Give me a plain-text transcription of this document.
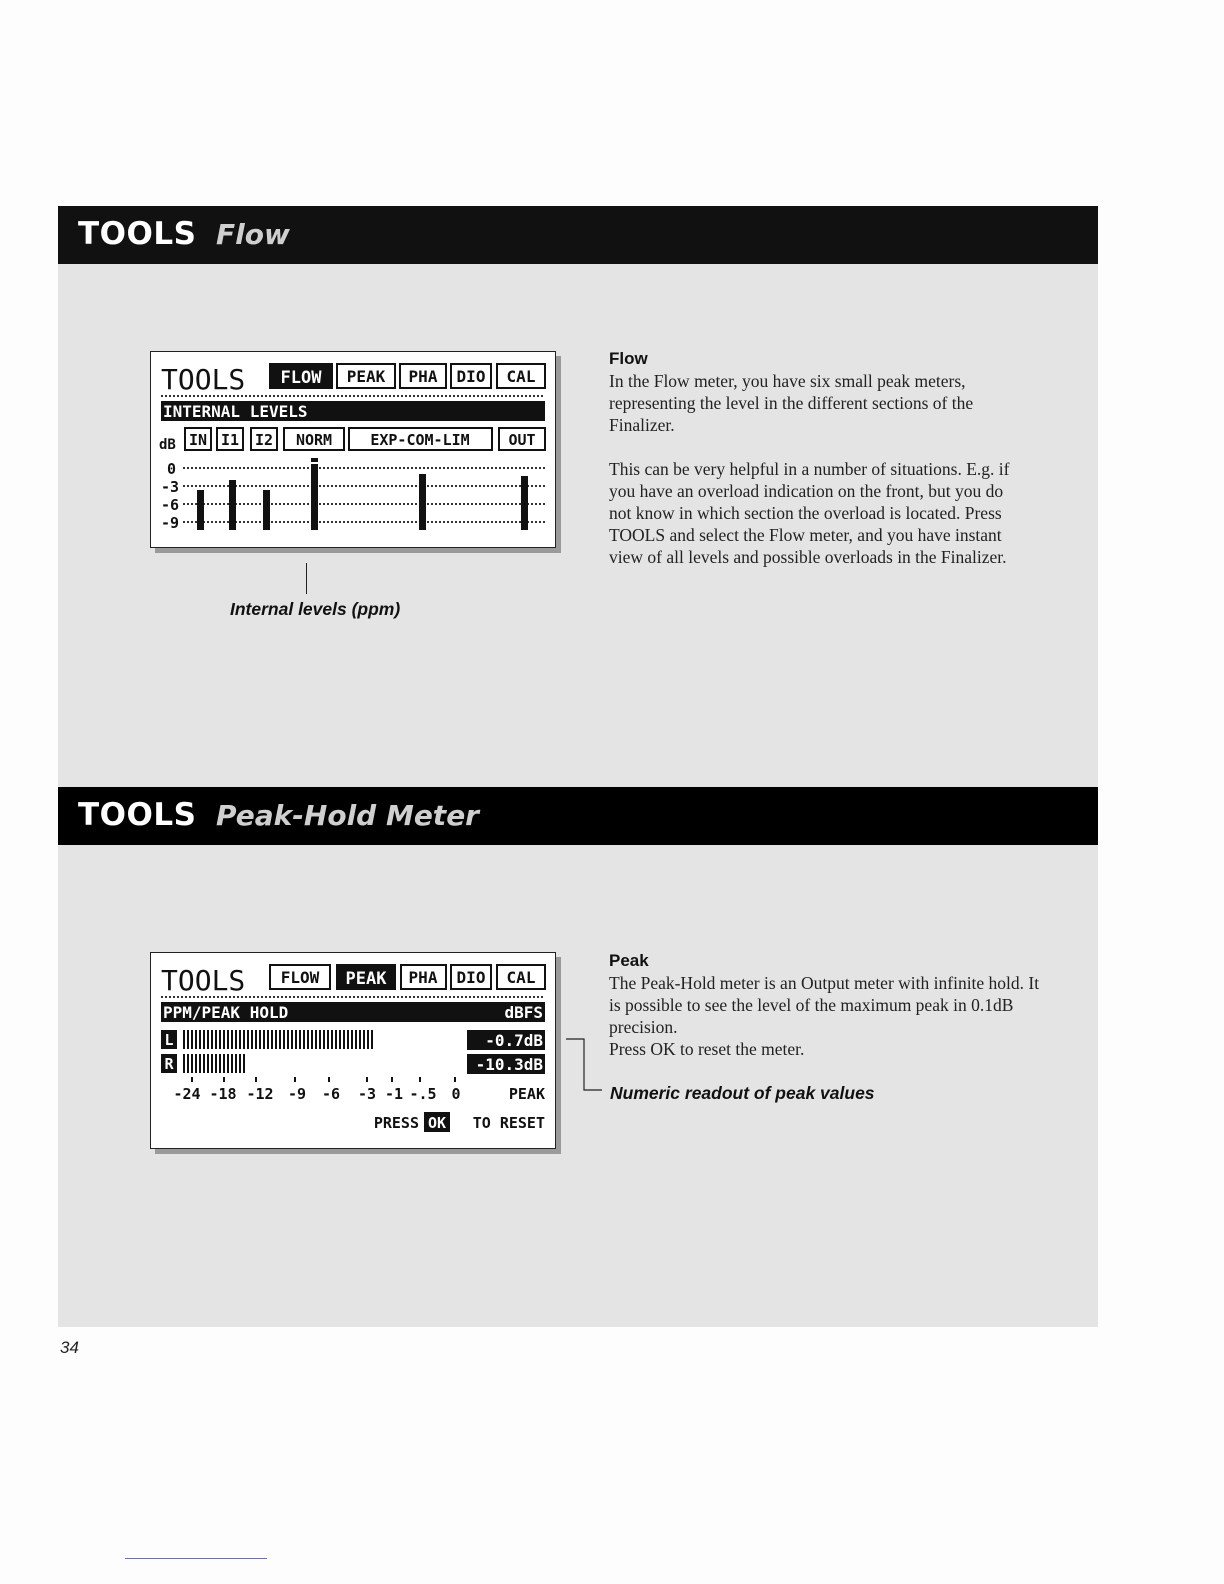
TOOLS Flow
TOOLS FLOW PEAK PHA DIO CAL
INTERNAL LEVELS
dB IN I1 I2 NORM	EXP-COM-LIM	OUT
0
-3
-6
-9
Internal levels (ppm)
Flow

In the Flow meter, you have six small peak meters, representing the level in the different sections of the Finalizer.

This can be very helpful in a number of situations. E.g. if you have an overload indication on the front, but you do not know in which section the overload is located. Press TOOLS and select the Flow meter, and you have instant view of all levels and possible overloads in the Finalizer.

TOOLS Peak-Hold Meter
TOOLS FLOW PEAK PHA DIO CAL
PPM/PEAK HOLD	dBFS
L	-0.7dB
R	-10.3dB
-24 -18 -12 -9 -6 -3 -1 -.5 0	PEAK
PRESS OK TO RESET
Peak

The Peak-Hold meter is an Output meter with infinite hold. It is possible to see the level of the maximum peak in 0.1dB precision.

Press OK to reset the meter.

Numeric readout of peak values
34
